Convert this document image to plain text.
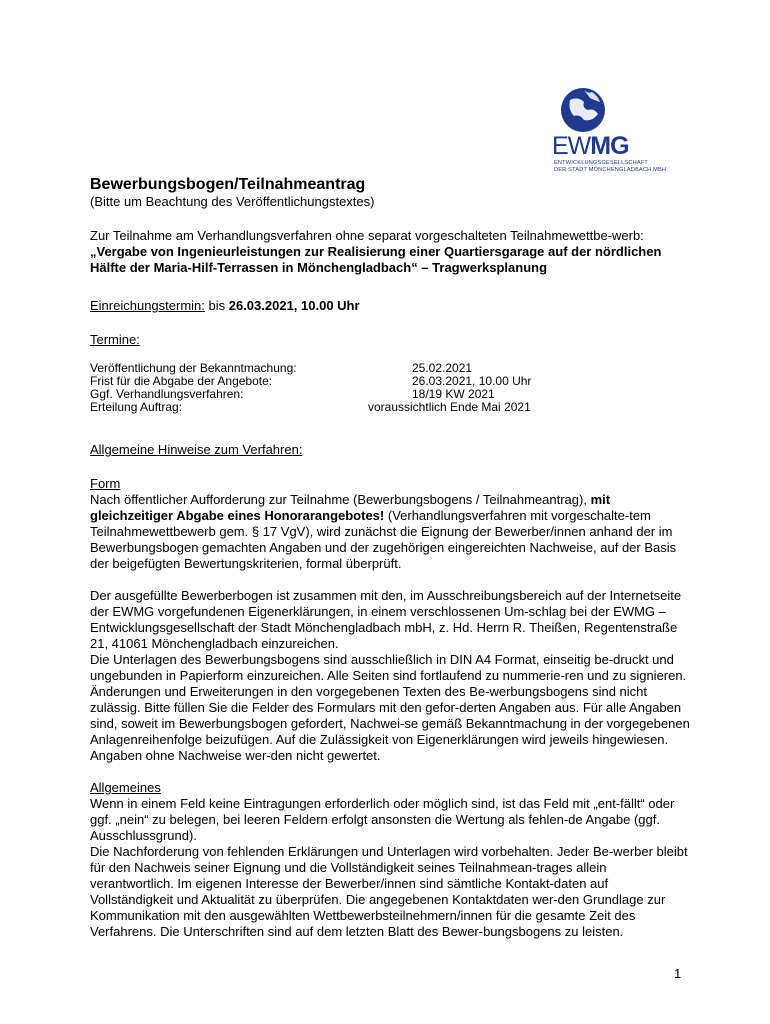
EWMG
ENTWICKLUNGSGESELLSCHAFT
DER STADT MÖNCHENGLADBACH MBH
Bewerbungsbogen/Teilnahmeantrag

(Bitte um Beachtung des Veröffentlichungstextes)

Zur Teilnahme am Verhandlungsverfahren ohne separat vorgeschalteten Teilnahmewettbe-werb: „Vergabe von Ingenieurleistungen zur Realisierung einer Quartiersgarage auf der nördlichen Hälfte der Maria-Hilf-Terrassen in Mönchengladbach“ – Tragwerksplanung

Einreichungstermin: bis 26.03.2021, 10.00 Uhr

Termine:

Veröffentlichung der Bekanntmachung:	25.02.2021
Frist für die Abgabe der Angebote:	26.03.2021, 10.00 Uhr
Ggf. Verhandlungsverfahren:	18/19 KW 2021
Erteilung Auftrag:	voraussichtlich Ende Mai 2021

Allgemeine Hinweise zum Verfahren:

Form

Nach öffentlicher Aufforderung zur Teilnahme (Bewerbungsbogens / Teilnahmeantrag), mit gleichzeitiger Abgabe eines Honorarangebotes! (Verhandlungsverfahren mit vorgeschalte-tem Teilnahmewettbewerb gem. § 17 VgV), wird zunächst die Eignung der Bewerber/innen anhand der im Bewerbungsbogen gemachten Angaben und der zugehörigen eingereichten Nachweise, auf der Basis der beigefügten Bewertungskriterien, formal überprüft.

Der ausgefüllte Bewerberbogen ist zusammen mit den, im Ausschreibungsbereich auf der Internetseite der EWMG vorgefundenen Eigenerklärungen, in einem verschlossenen Um-schlag bei der EWMG – Entwicklungsgesellschaft der Stadt Mönchengladbach mbH, z. Hd. Herrn R. Theißen, Regentenstraße 21, 41061 Mönchengladbach einzureichen.

Die Unterlagen des Bewerbungsbogens sind ausschließlich in DIN A4 Format, einseitig be-druckt und ungebunden in Papierform einzureichen. Alle Seiten sind fortlaufend zu nummerie-ren und zu signieren. Änderungen und Erweiterungen in den vorgegebenen Texten des Be-werbungsbogens sind nicht zulässig. Bitte füllen Sie die Felder des Formulars mit den gefor-derten Angaben aus. Für alle Angaben sind, soweit im Bewerbungsbogen gefordert, Nachwei-se gemäß Bekanntmachung in der vorgegebenen Anlagenreihenfolge beizufügen. Auf die Zulässigkeit von Eigenerklärungen wird jeweils hingewiesen. Angaben ohne Nachweise wer-den nicht gewertet.

Allgemeines

Wenn in einem Feld keine Eintragungen erforderlich oder möglich sind, ist das Feld mit „ent-fällt“ oder ggf. „nein“ zu belegen, bei leeren Feldern erfolgt ansonsten die Wertung als fehlen-de Angabe (ggf. Ausschlussgrund).

Die Nachforderung von fehlenden Erklärungen und Unterlagen wird vorbehalten. Jeder Be-werber bleibt für den Nachweis seiner Eignung und die Vollständigkeit seines Teilnahmean-trages allein verantwortlich. Im eigenen Interesse der Bewerber/innen sind sämtliche Kontakt-daten auf Vollständigkeit und Aktualität zu überprüfen. Die angegebenen Kontaktdaten wer-den Grundlage zur Kommunikation mit den ausgewählten Wettbewerbsteilnehmern/innen für die gesamte Zeit des Verfahrens. Die Unterschriften sind auf dem letzten Blatt des Bewer-bungsbogens zu leisten.

1
